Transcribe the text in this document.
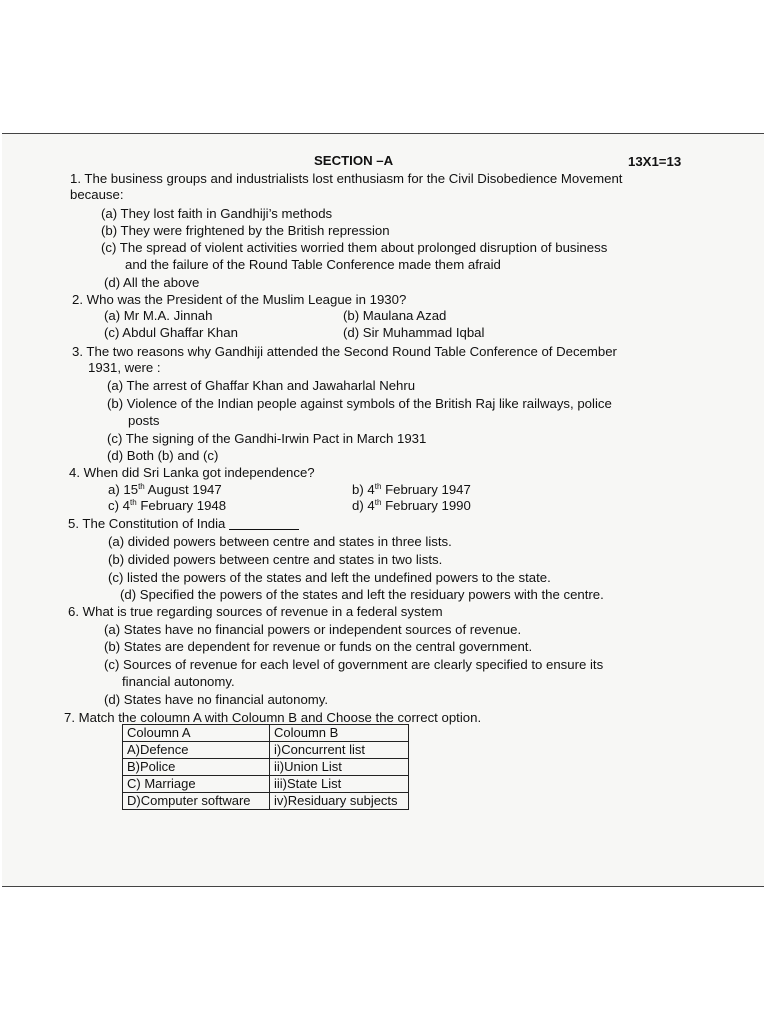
SECTION –A	13X1=13

1. The business groups and industrialists lost enthusiasm for the Civil Disobedience Movement

because:

(a) They lost faith in Gandhiji’s methods

(b) They were frightened by the British repression

(c) The spread of violent activities worried them about prolonged disruption of business

and the failure of the Round Table Conference made them afraid

(d) All the above

2. Who was the President of the Muslim League in 1930?

(a) Mr M.A. Jinnah	(b) Maulana Azad

(c) Abdul Ghaffar Khan	(d) Sir Muhammad Iqbal

3. The two reasons why Gandhiji attended the Second Round Table Conference of December

1931, were :

(a) The arrest of Ghaffar Khan and Jawaharlal Nehru

(b) Violence of the Indian people against symbols of the British Raj like railways, police

posts

(c) The signing of the Gandhi-Irwin Pact in March 1931

(d) Both (b) and (c)

4. When did Sri Lanka got independence?

a) 15th August 1947	b) 4th February 1947

c) 4th February 1948	d) 4th February 1990

5. The Constitution of India

(a) divided powers between centre and states in three lists.

(b) divided powers between centre and states in two lists.

(c) listed the powers of the states and left the undefined powers to the state.

(d) Specified the powers of the states and left the residuary powers with the centre.

6. What is true regarding sources of revenue in a federal system

(a) States have no financial powers or independent sources of revenue.

(b) States are dependent for revenue or funds on the central government.

(c) Sources of revenue for each level of government are clearly specified to ensure its

financial autonomy.

(d) States have no financial autonomy.

7. Match the coloumn A with Coloumn B and Choose the correct option.

Coloumn A	Coloumn B
A)Defence	i)Concurrent list
B)Police	ii)Union List
C) Marriage	iii)State List
D)Computer software	iv)Residuary subjects
